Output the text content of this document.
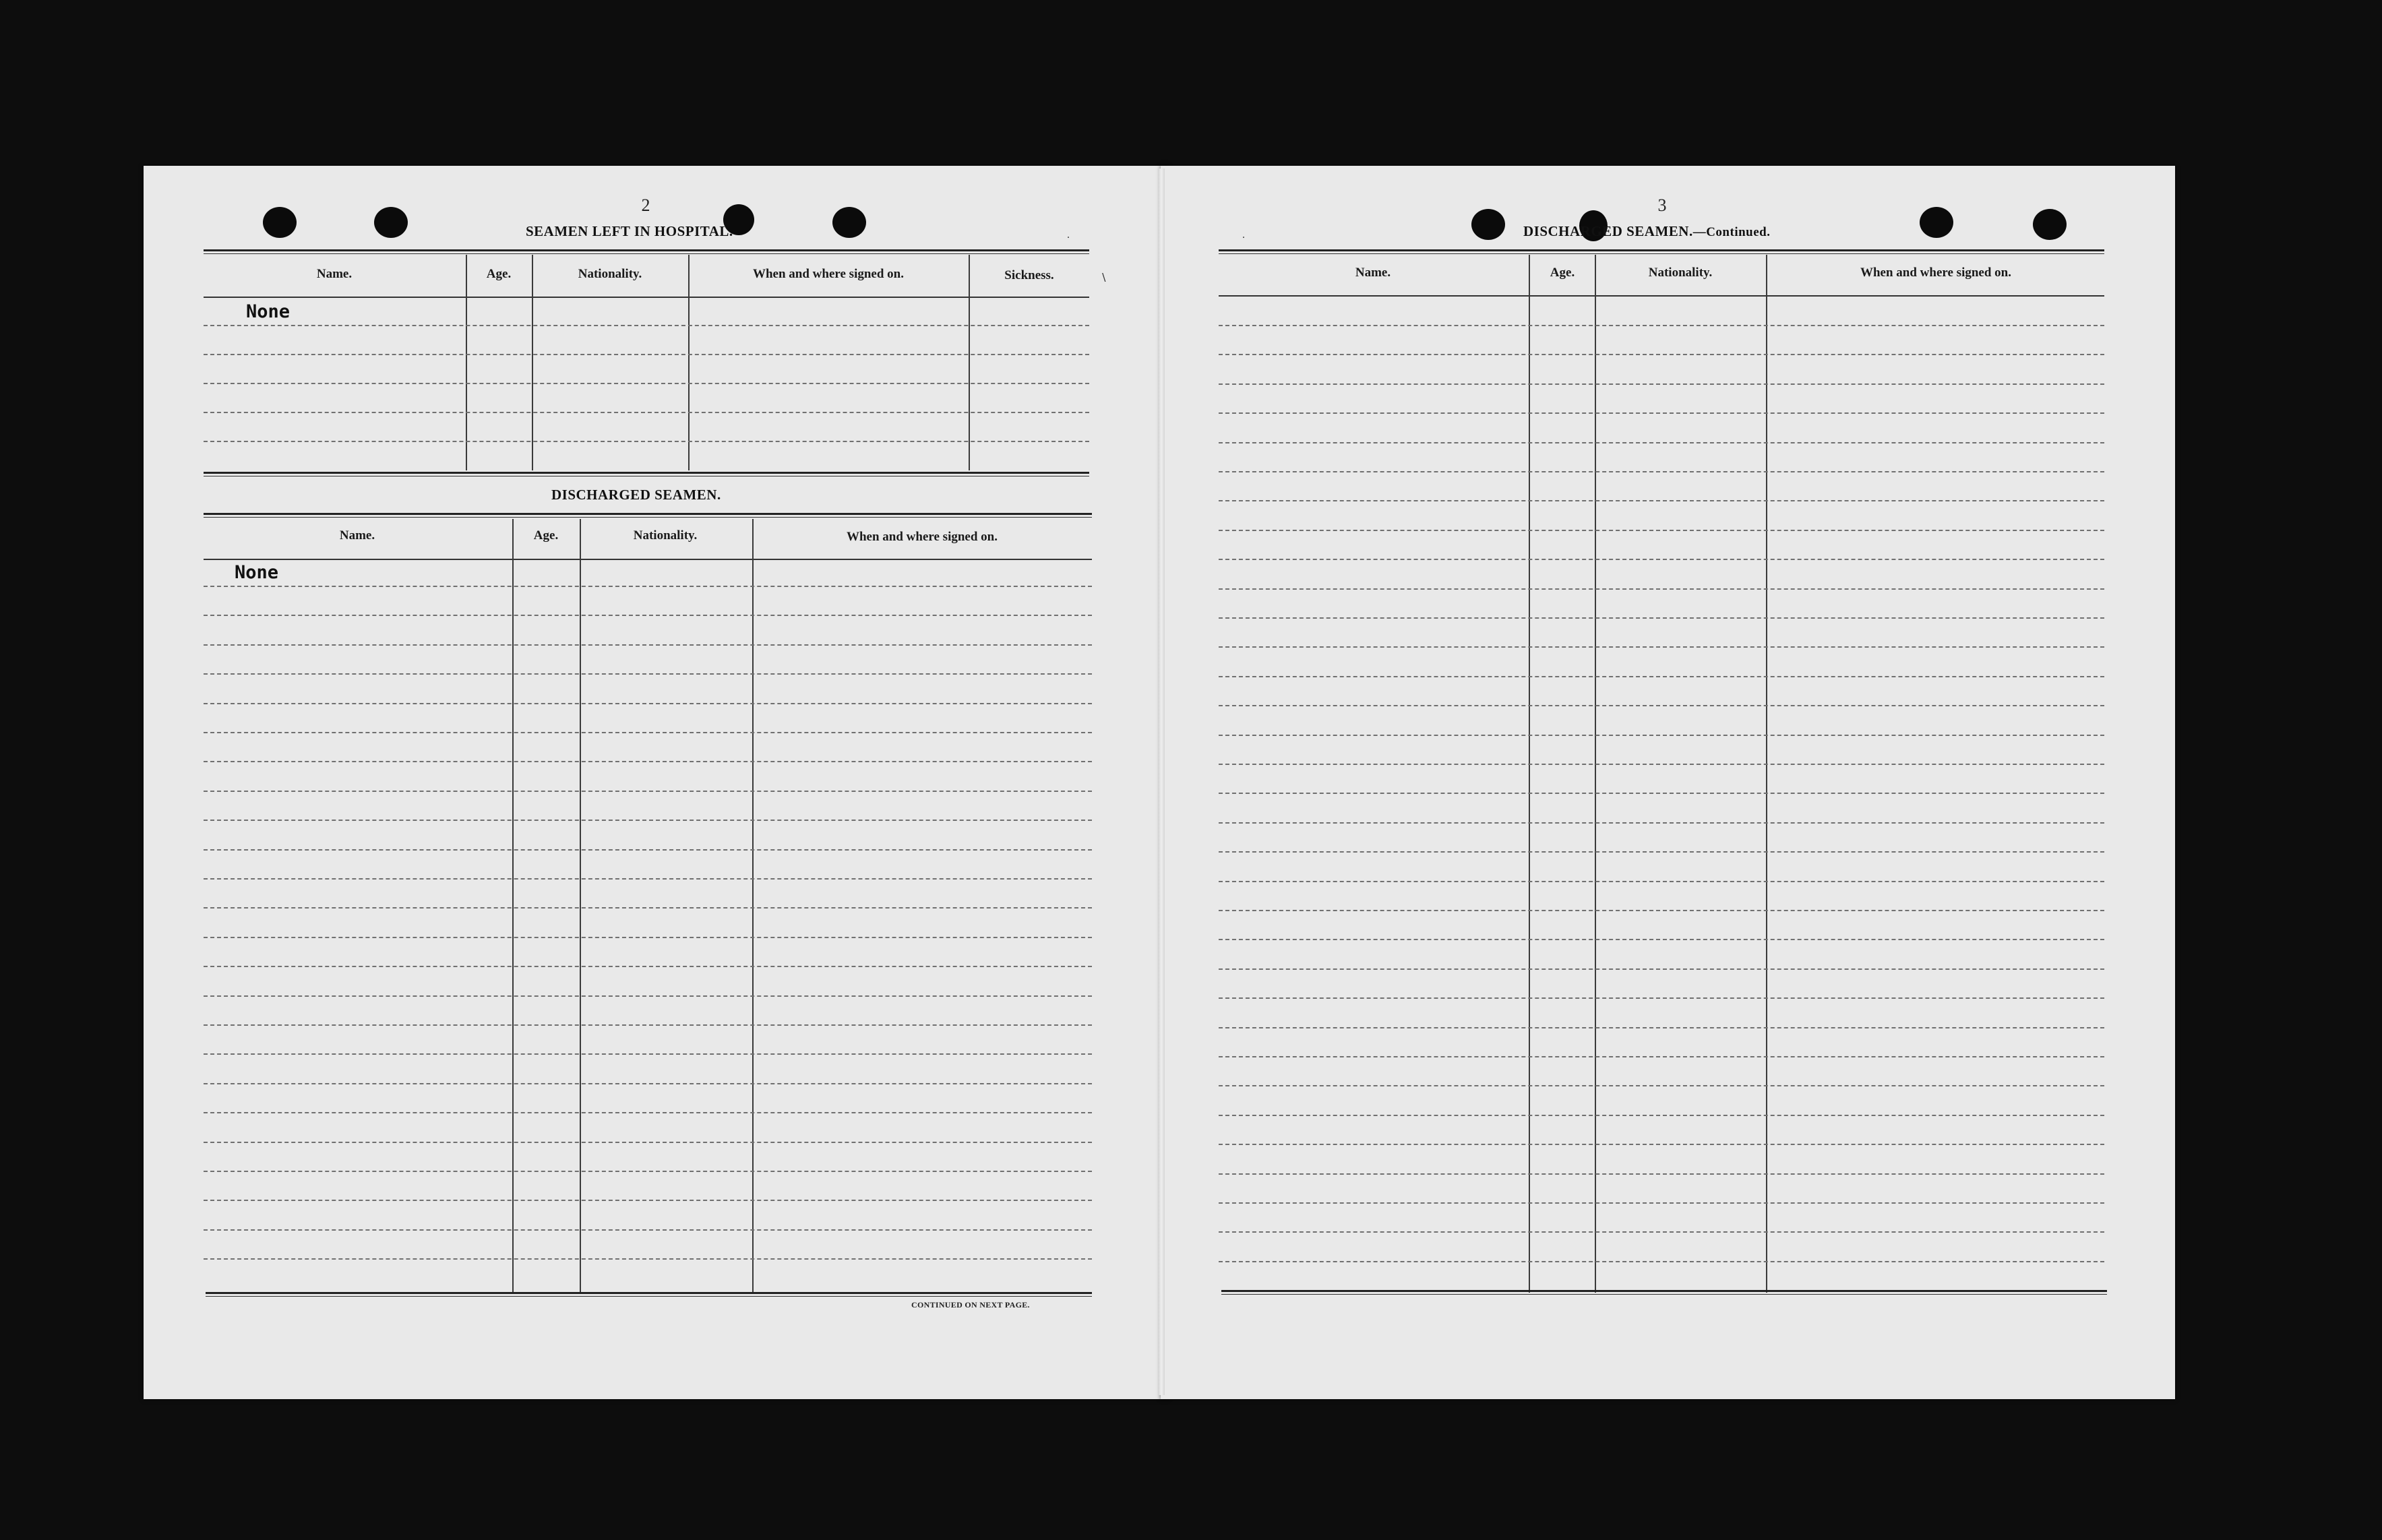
2
SEAMEN LEFT IN HOSPITAL.
Name.	Age.	Nationality.	When and where signed on.	Sickness.
None
DISCHARGED SEAMEN.
Name.	Age.	Nationality.	When and where signed on.
None
CONTINUED ON NEXT PAGE.
3
DISCHARGED SEAMEN.—Continued.
Name.	Age.	Nationality.	When and where signed on.
∖
.	.
